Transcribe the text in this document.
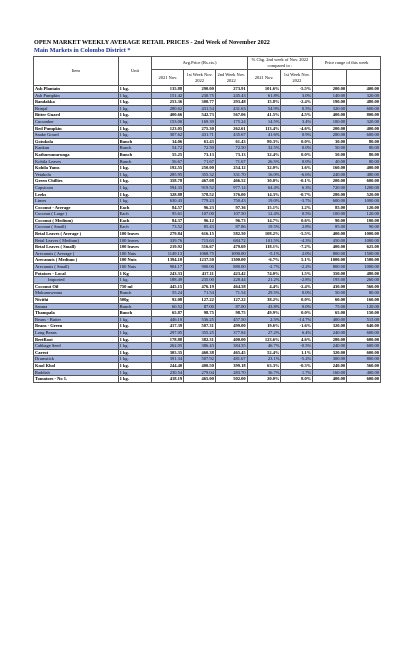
OPEN MARKET WEEKLY AVERAGE RETAIL PRICES - 2nd Week of November 2022
Main Markets in Colombo District *
Item	Unit	Avg.Price (Rs.cts.)			% Chg. 2nd week of Nov. 2022 compared to :		Price range of this week	
		2021 Nov.	1st Week Nov. 2022	2nd Week Nov. 2022	2021 Nov.	1st Week Nov. 2022		
Ash Plantain	1 kg.	135.88	290.00	273.91	101.6%	-5.5%	200.00	400.00
Ash Pumpkin	1 kg.	151.42	230.75	245.43	61.8%	3.0%	140.00	320.00
Bandakka	1 kg.	253.36	300.77	293.48	15.8%	-2.4%	190.00	480.00
Brinjal	1 kg.	280.62	431.54	431.63	54.9%	0.5%	320.00	600.00
Bitter Guard	1 kg.	400.66	542.73	567.06	41.5%	4.5%	400.00	800.00
Cucumber	1 kg.	153.00	169.39	175.24	14.5%	3.4%	100.00	320.00
Red Pumpkin	1 kg.	123.05	275.30	262.61	113.4%	-4.6%	200.00	400.00
Snake Gourd	1 kg.	307.62	431.71	435.67	41.6%	0.9%	280.00	600.00
Gotukola	Bunch	34.06	61.43	61.43	80.3%	0.0%	30.00	80.00
Kankun	Bunch	54.72	72.50	72.50	32.5%	0.0%	50.00	80.00
Kathurumurunga	Bunch	55.25	73.13	73.13	32.4%	0.0%	50.00	80.00
Kohila Leaves	Bunch	56.67	71.67	71.67	26.5%	0.0%	40.00	80.00
Kohila Yams	1 kg.	192.55	250.00	254.12	32.0%	1.6%	160.00	400.00
Vetakolu	1 kg.	285.95	355.32	331.70	16.0%	-6.6%	240.00	480.00
Green Chillies	1 kg.	358.78	467.08	466.52	30.0%	-0.1%	200.00	600.00
Capsicum	1 kg.	594.33	919.52	977.14	64.4%	6.3%	720.00	1200.00
Leeks	1 kg.	328.88	378.52	376.00	14.3%	-0.7%	280.00	520.00
Limes	1 kg.	630.43	779.23	750.43	19.0%	-3.7%	600.00	1000.00
Coconut - Average	Each	84.57	96.23	97.36	15.1%	1.2%	85.00	120.00
Coconut ( Large )	Each	95.61	107.00	107.50	12.4%	0.5%	100.00	120.00
Coconut ( Medium)	Each	84.37	96.12	96.73	14.7%	0.6%	90.00	100.00
Coconut ( Small)	Each	73.52	85.43	87.86	19.5%	2.8%	85.00	90.00
Betal Leaves ( Average )	100 leaves	279.84	616.15	582.50	108.2%	-5.5%	400.00	1000.00
Betal Leaves ( Medium)	100 leaves	339.76	715.63	684.72	101.5%	-4.3%	450.00	1000.00
Betal Leaves ( Small)	100 leaves	219.92	516.67	479.69	118.1%	-7.2%	400.00	625.00
Arecanuts ( Average )	100 Nuts	1149.13	1068.75	1090.00	-5.1%	2.0%	800.00	1500.00
Arecanuts ( Medium )	100 Nuts	1394.10	1237.50	1300.00	-6.7%	5.1%	1000.00	1500.00
Arecanuts ( Small)	100 Nuts	904.17	900.00	880.00	-2.7%	-2.2%	800.00	1000.00
Potatoes - Local	1 Kg	243.33	417.11	423.42	74.0%	1.5%	350.00	480.00
Imported	1 kg.	188.49	235.00	228.44	21.2%	-2.8%	195.00	260.00
Coconut Oil	750 ml	445.15	476.19	464.58	4.4%	-2.4%	430.00	560.00
Mukunuwenna	Bunch	55.24	71.54	71.54	29.5%	0.0%	50.00	80.00
Nivithi	500g	92.08	127.22	127.22	38.2%	0.0%	60.00	160.00
Sarana	Bunch	60.52	87.00	87.00	43.8%	0.0%	75.00	120.00
Thampala	Bunch	65.87	98.75	98.75	49.9%	0.0%	65.00	150.00
Beans - Butter	1 kg.	446.10	536.25	457.50	2.5%	-14.7%	400.00	515.00
Beans - Green	1 kg.	417.39	507.31	499.00	19.6%	-1.6%	320.00	640.00
Long Beans	1 kg.	297.05	355.25	377.84	27.2%	6.4%	240.00	600.00
BeetRoot	1 kg.	178.88	382.31	400.00	123.6%	4.6%	280.00	600.00
Cabbage Seed	1 kg.	262.05	386.43	384.55	46.7%	-0.5%	240.00	600.00
Carrot	1 kg.	305.35	460.38	465.45	52.4%	1.1%	320.00	600.00
Drumstick	1 kg.	391.34	507.92	481.67	23.1%	-5.2%	300.00	800.00
Knol Khol	1 kg.	244.40	400.50	399.18	63.3%	-0.3%	240.00	560.00
Raddish	1 kg.	230.54	279.04	283.70	36.7%	1.7%	160.00	400.00
Tomatoes - No 1.	1 kg.	418.19	465.00	502.00	20.0%	8.0%	400.00	600.00
